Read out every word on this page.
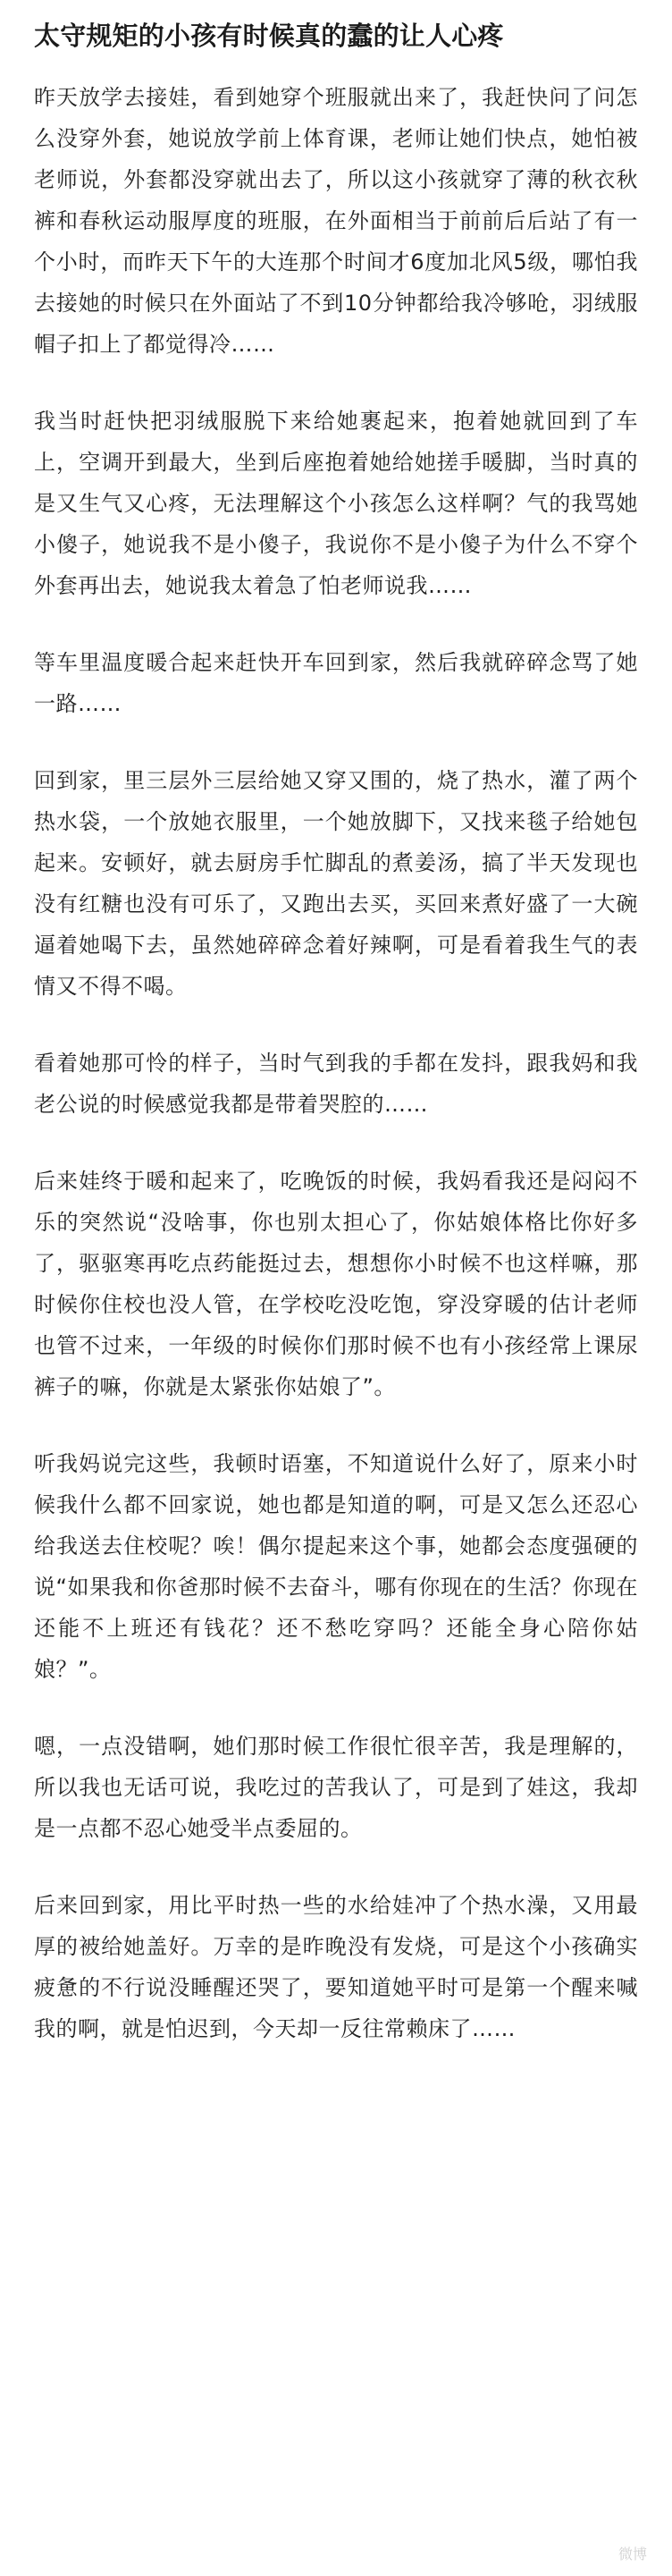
太守规矩的小孩有时候真的蠢的让人心疼
昨天放学去接娃，看到她穿个班服就出来了，我赶快问了问怎么没穿外套，她说放学前上体育课，老师让她们快点，她怕被老师说，外套都没穿就出去了，所以这小孩就穿了薄的秋衣秋裤和春秋运动服厚度的班服，在外面相当于前前后后站了有一个小时，而昨天下午的大连那个时间才6度加北风5级，哪怕我去接她的时候只在外面站了不到10分钟都给我冷够呛，羽绒服帽子扣上了都觉得冷……
我当时赶快把羽绒服脱下来给她裹起来，抱着她就回到了车上，空调开到最大，坐到后座抱着她给她搓手暖脚，当时真的是又生气又心疼，无法理解这个小孩怎么这样啊？气的我骂她小傻子，她说我不是小傻子，我说你不是小傻子为什么不穿个外套再出去，她说我太着急了怕老师说我……
等车里温度暖合起来赶快开车回到家，然后我就碎碎念骂了她一路……
回到家，里三层外三层给她又穿又围的，烧了热水，灌了两个热水袋，一个放她衣服里，一个她放脚下，又找来毯子给她包起来。安顿好，就去厨房手忙脚乱的煮姜汤，搞了半天发现也没有红糖也没有可乐了，又跑出去买，买回来煮好盛了一大碗逼着她喝下去，虽然她碎碎念着好辣啊，可是看着我生气的表情又不得不喝。
看着她那可怜的样子，当时气到我的手都在发抖，跟我妈和我老公说的时候感觉我都是带着哭腔的……
后来娃终于暖和起来了，吃晚饭的时候，我妈看我还是闷闷不乐的突然说“没啥事，你也别太担心了，你姑娘体格比你好多了，驱驱寒再吃点药能挺过去，想想你小时候不也这样嘛，那时候你住校也没人管，在学校吃没吃饱，穿没穿暖的估计老师也管不过来，一年级的时候你们那时候不也有小孩经常上课尿裤子的嘛，你就是太紧张你姑娘了”。
听我妈说完这些，我顿时语塞，不知道说什么好了，原来小时候我什么都不回家说，她也都是知道的啊，可是又怎么还忍心给我送去住校呢？唉！偶尔提起来这个事，她都会态度强硬的说“如果我和你爸那时候不去奋斗，哪有你现在的生活？你现在还能不上班还有钱花？还不愁吃穿吗？还能全身心陪你姑娘？”。
嗯，一点没错啊，她们那时候工作很忙很辛苦，我是理解的，所以我也无话可说，我吃过的苦我认了，可是到了娃这，我却是一点都不忍心她受半点委屈的。
后来回到家，用比平时热一些的水给娃冲了个热水澡，又用最厚的被给她盖好。万幸的是昨晚没有发烧，可是这个小孩确实疲惫的不行说没睡醒还哭了，要知道她平时可是第一个醒来喊我的啊，就是怕迟到，今天却一反往常赖床了……
微博
